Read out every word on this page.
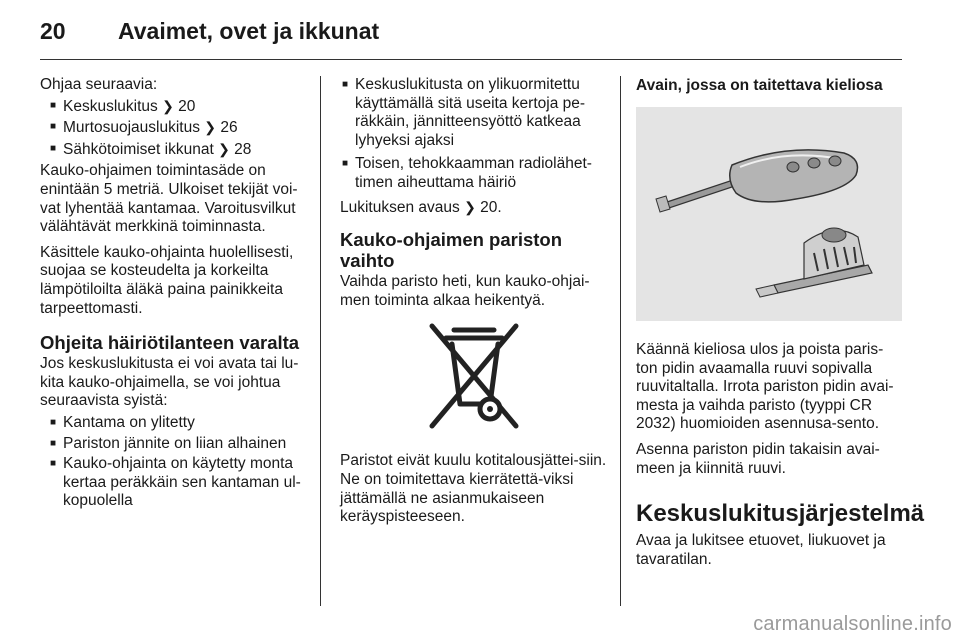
20 Avaimet, ovet ja ikkunat

Ohjaa seuraavia:

■ Keskuslukitus ❯ 20
■ Murtosuojauslukitus ❯ 26
■ Sähkötoimiset ikkunat ❯ 28

Kauko-ohjaimen toimintasäde on enintään 5 metriä. Ulkoiset tekijät voi-vat lyhentää kantamaa. Varoitusvilkut välähtävät merkkinä toiminnasta.

Käsittele kauko-ohjainta huolellisesti, suojaa se kosteudelta ja korkeilta lämpötiloilta äläkä paina painikkeita tarpeettomasti.

Ohjeita häiriötilanteen varalta

Jos keskuslukitusta ei voi avata tai lu-kita kauko-ohjaimella, se voi johtua seuraavista syistä:

■ Kantama on ylitetty
■ Pariston jännite on liian alhainen
■ Kauko-ohjainta on käytetty monta kertaa peräkkäin sen kantaman ul-kopuolella
■ Keskuslukitusta on ylikuormitettu käyttämällä sitä useita kertoja pe-räkkäin, jännitteensyöttö katkeaa lyhyeksi ajaksi
■ Toisen, tehokkaamman radiolähet-timen aiheuttama häiriö

Lukituksen avaus ❯ 20.

Kauko-ohjaimen pariston vaihto

Vaihda paristo heti, kun kauko-ohjai-men toiminta alkaa heikentyä.

Paristot eivät kuulu kotitalousjättei-siin. Ne on toimitettava kierrätettä-viksi jättämällä ne asianmukaiseen keräyspisteeseen.

Avain, jossa on taitettava kieliosa

Käännä kieliosa ulos ja poista paris-ton pidin avaamalla ruuvi sopivalla ruuvitaltalla. Irrota pariston pidin avai-mesta ja vaihda paristo (tyyppi CR 2032) huomioiden asennusa-sento.

Asenna pariston pidin takaisin avai-meen ja kiinnitä ruuvi.

Keskuslukitusjärjestelmä

Avaa ja lukitsee etuovet, liukuovet ja tavaratilan.

carmanualsonline.info
